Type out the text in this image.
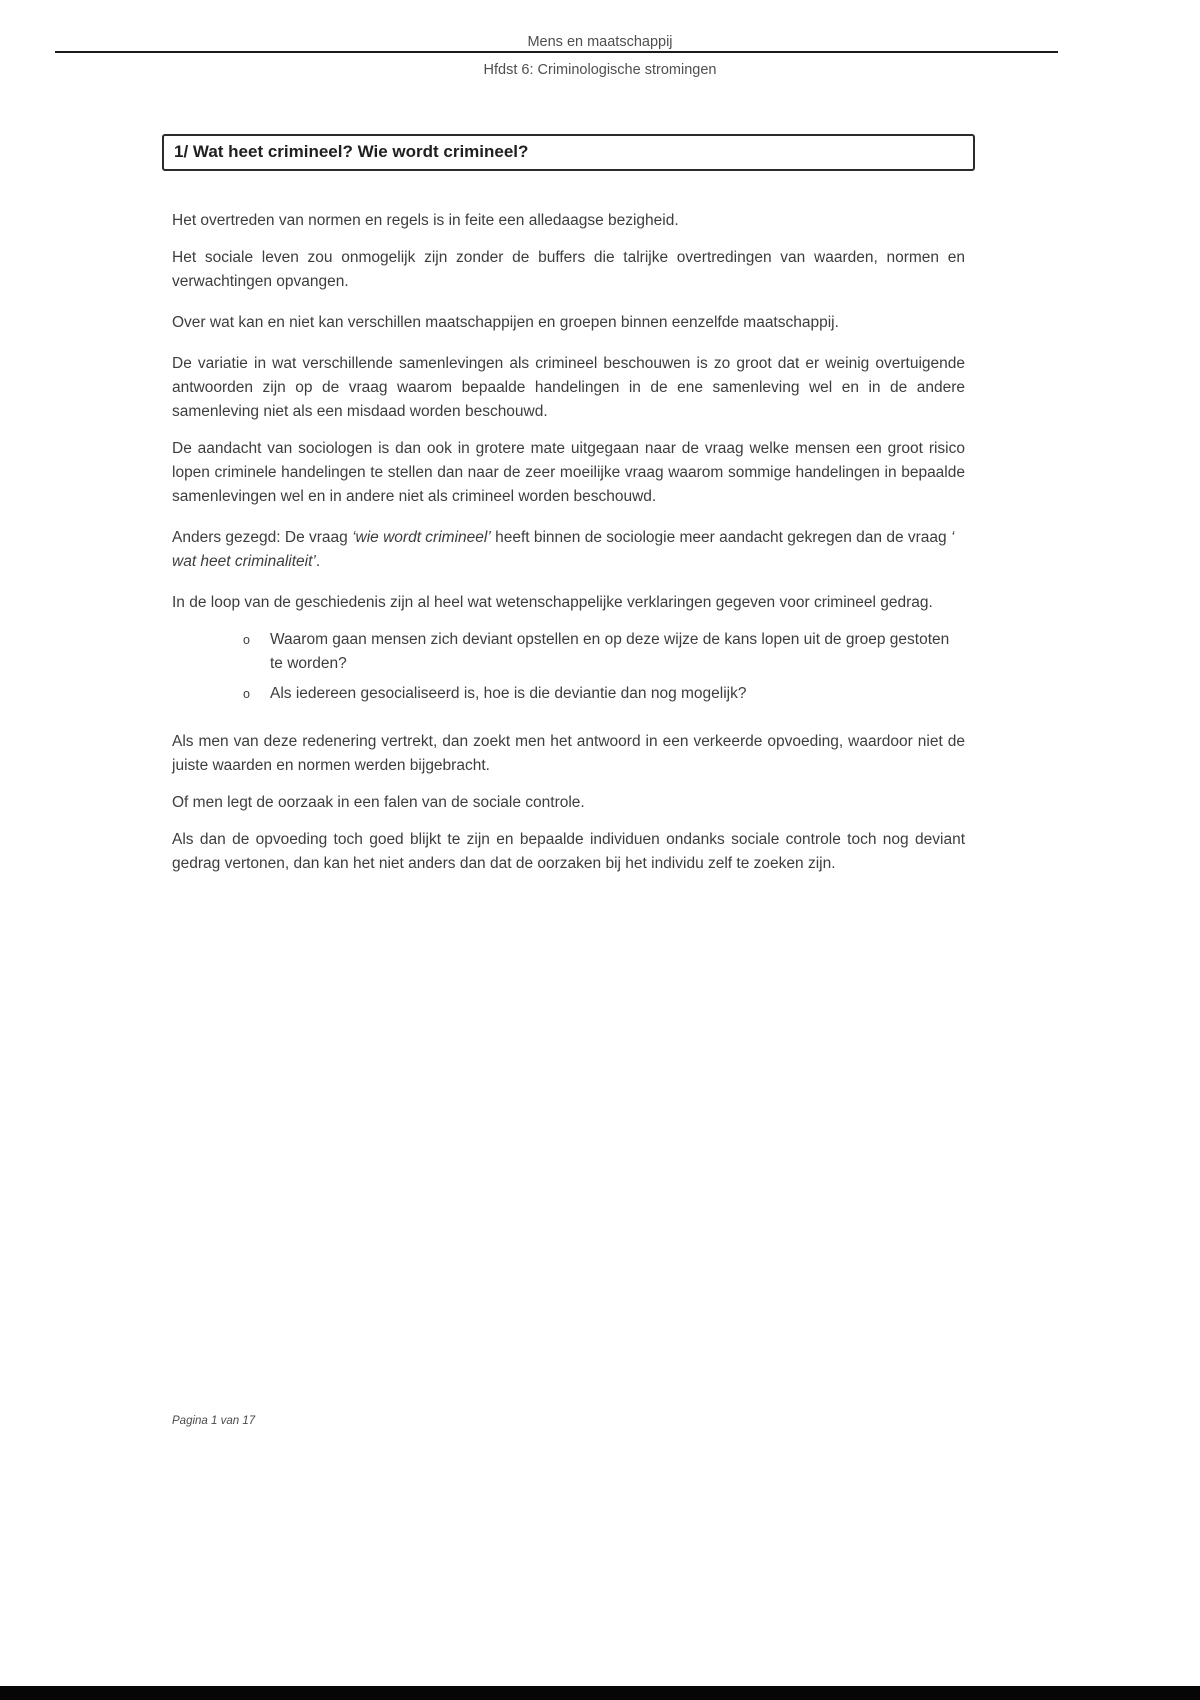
Mens en maatschappij
Hfdst 6: Criminologische stromingen
1/ Wat heet crimineel? Wie wordt crimineel?

Het overtreden van normen en regels is in feite een alledaagse bezigheid.

Het sociale leven zou onmogelijk zijn zonder de buffers die talrijke overtredingen van waarden, normen en verwachtingen opvangen.

Over wat kan en niet kan verschillen maatschappijen en groepen binnen eenzelfde maatschappij.

De variatie in wat verschillende samenlevingen als crimineel beschouwen is zo groot dat er weinig overtuigende antwoorden zijn op de vraag waarom bepaalde handelingen in de ene samenleving wel en in de andere samenleving niet als een misdaad worden beschouwd.

De aandacht van sociologen is dan ook in grotere mate uitgegaan naar de vraag welke mensen een groot risico lopen criminele handelingen te stellen dan naar de zeer moeilijke vraag waarom sommige handelingen in bepaalde samenlevingen wel en in andere niet als crimineel worden beschouwd.

Anders gezegd: De vraag ‘wie wordt crimineel’ heeft binnen de sociologie meer aandacht gekregen dan de vraag ‘ wat heet criminaliteit’.

In de loop van de geschiedenis zijn al heel wat wetenschappelijke verklaringen gegeven voor crimineel gedrag.

o	Waarom gaan mensen zich deviant opstellen en op deze wijze de kans lopen uit de groep gestoten te worden?
o	Als iedereen gesocialiseerd is, hoe is die deviantie dan nog mogelijk?

Als men van deze redenering vertrekt, dan zoekt men het antwoord in een verkeerde opvoeding, waardoor niet de juiste waarden en normen werden bijgebracht.

Of men legt de oorzaak in een falen van de sociale controle.

Als dan de opvoeding toch goed blijkt te zijn en bepaalde individuen ondanks sociale controle toch nog deviant gedrag vertonen, dan kan het niet anders dan dat de oorzaken bij het individu zelf te zoeken zijn.

Pagina 1 van 17
